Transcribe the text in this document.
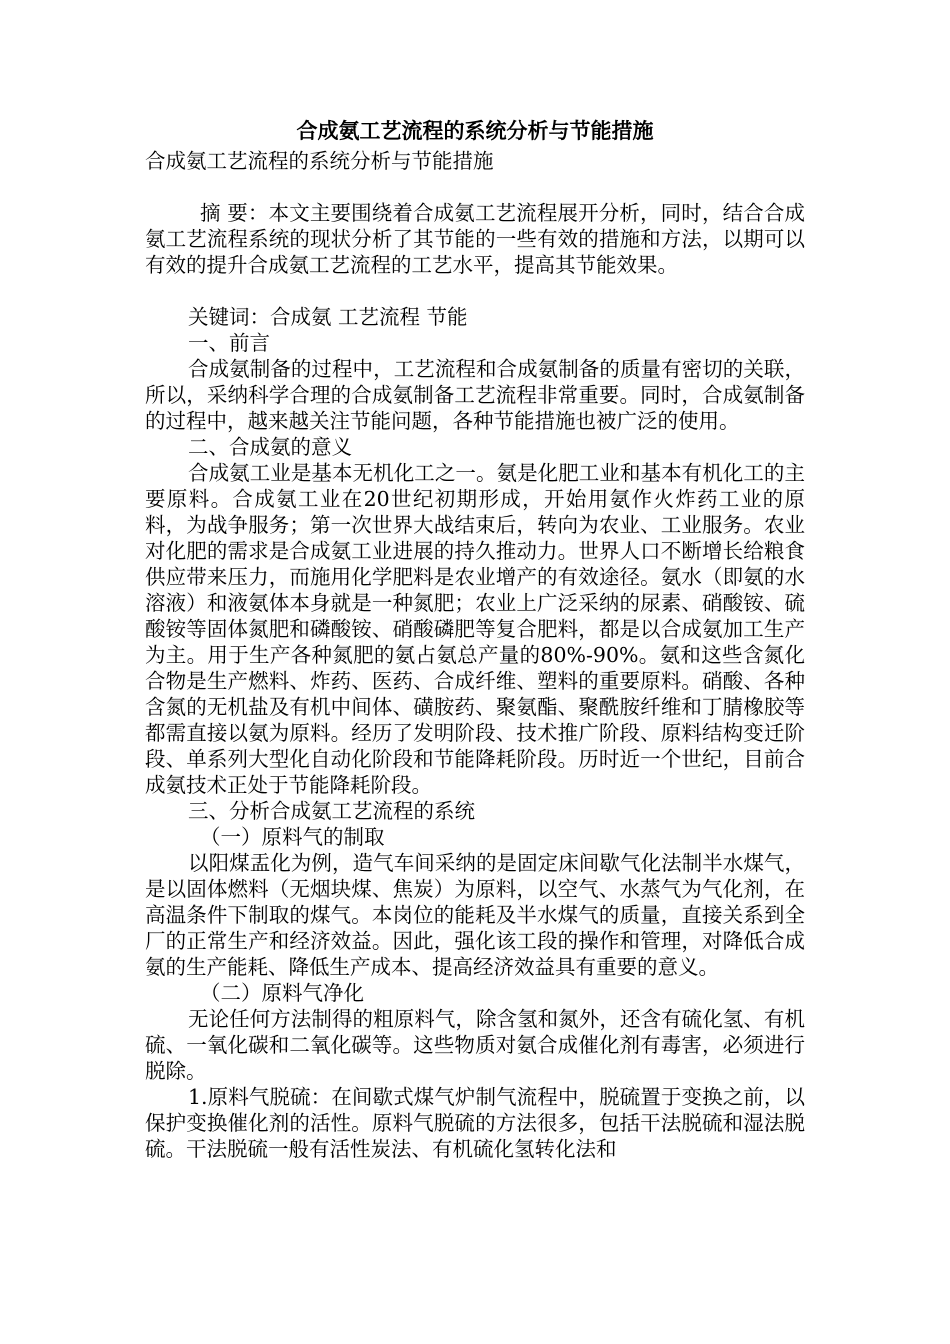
合成氨工艺流程的系统分析与节能措施

合成氨工艺流程的系统分析与节能措施

摘 要：本文主要围绕着合成氨工艺流程展开分析，同时，结合合成氨工艺流程系统的现状分析了其节能的一些有效的措施和方法，以期可以有效的提升合成氨工艺流程的工艺水平，提高其节能效果。

关键词：合成氨 工艺流程 节能

一、前言

合成氨制备的过程中，工艺流程和合成氨制备的质量有密切的关联，所以，采纳科学合理的合成氨制备工艺流程非常重要。同时，合成氨制备的过程中，越来越关注节能问题，各种节能措施也被广泛的使用。

二、合成氨的意义

合成氨工业是基本无机化工之一。氨是化肥工业和基本有机化工的主要原料。合成氨工业在20世纪初期形成，开始用氨作火炸药工业的原料，为战争服务；第一次世界大战结束后，转向为农业、工业服务。农业对化肥的需求是合成氨工业进展的持久推动力。世界人口不断增长给粮食供应带来压力，而施用化学肥料是农业增产的有效途径。氨水（即氨的水溶液）和液氨体本身就是一种氮肥；农业上广泛采纳的尿素、硝酸铵、硫酸铵等固体氮肥和磷酸铵、硝酸磷肥等复合肥料，都是以合成氨加工生产为主。用于生产各种氮肥的氨占氨总产量的80%-90%。氨和这些含氮化合物是生产燃料、炸药、医药、合成纤维、塑料的重要原料。硝酸、各种含氮的无机盐及有机中间体、磺胺药、聚氨酯、聚酰胺纤维和丁腈橡胶等都需直接以氨为原料。经历了发明阶段、技术推广阶段、原料结构变迁阶段、单系列大型化自动化阶段和节能降耗阶段。历时近一个世纪，目前合成氨技术正处于节能降耗阶段。

三、分析合成氨工艺流程的系统

（一）原料气的制取

以阳煤盂化为例，造气车间采纳的是固定床间歇气化法制半水煤气，是以固体燃料（无烟块煤、焦炭）为原料，以空气、水蒸气为气化剂，在高温条件下制取的煤气。本岗位的能耗及半水煤气的质量，直接关系到全厂的正常生产和经济效益。因此，强化该工段的操作和管理，对降低合成氨的生产能耗、降低生产成本、提高经济效益具有重要的意义。

（二）原料气净化

无论任何方法制得的粗原料气，除含氢和氮外，还含有硫化氢、有机硫、一氧化碳和二氧化碳等。这些物质对氨合成催化剂有毒害，必须进行脱除。

1.原料气脱硫：在间歇式煤气炉制气流程中，脱硫置于变换之前，以保护变换催化剂的活性。原料气脱硫的方法很多，包括干法脱硫和湿法脱硫。干法脱硫一般有活性炭法、有机硫化氢转化法和
